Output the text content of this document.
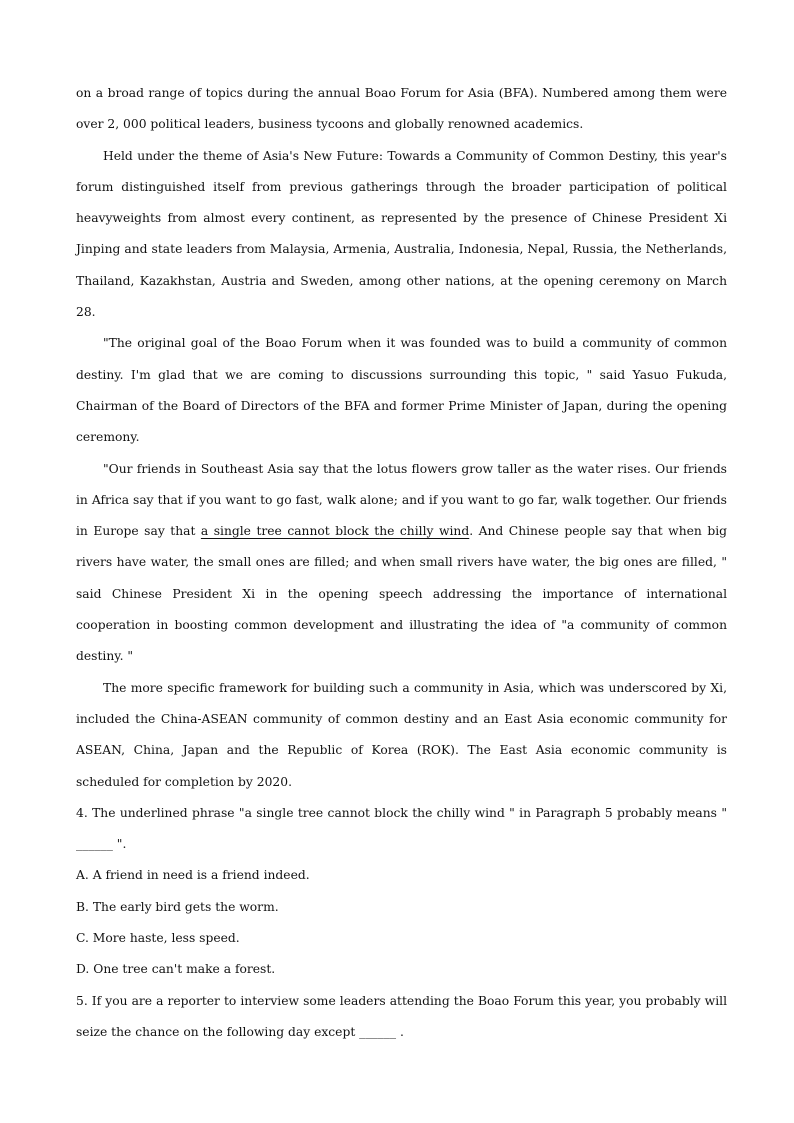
on a broad range of topics during the annual Boao Forum for Asia (BFA). Numbered among them were over 2, 000 political leaders, business tycoons and globally renowned academics.

Held under the theme of Asia's New Future: Towards a Community of Common Destiny, this year's forum distinguished itself from previous gatherings through the broader participation of political heavyweights from almost every continent, as represented by the presence of Chinese President Xi Jinping and state leaders from Malaysia, Armenia, Australia, Indonesia, Nepal, Russia, the Netherlands, Thailand, Kazakhstan, Austria and Sweden, among other nations, at the opening ceremony on March 28.

"The original goal of the Boao Forum when it was founded was to build a community of common destiny. I'm glad that we are coming to discussions surrounding this topic, " said Yasuo Fukuda, Chairman of the Board of Directors of the BFA and former Prime Minister of Japan, during the opening ceremony.

"Our friends in Southeast Asia say that the lotus flowers grow taller as the water rises. Our friends in Africa say that if you want to go fast, walk alone; and if you want to go far, walk together. Our friends in Europe say that a single tree cannot block the chilly wind. And Chinese people say that when big rivers have water, the small ones are filled; and when small rivers have water, the big ones are filled, " said Chinese President Xi in the opening speech addressing the importance of international cooperation in boosting common development and illustrating the idea of "a community of common destiny. "

The more specific framework for building such a community in Asia, which was underscored by Xi, included the China-ASEAN community of common destiny and an East Asia economic community for ASEAN, China, Japan and the Republic of Korea (ROK). The East Asia economic community is scheduled for completion by 2020.

4. The underlined phrase "a single tree cannot block the chilly wind " in Paragraph 5 probably means " ______ ".

A. A friend in need is a friend indeed.

B. The early bird gets the worm.

C. More haste, less speed.

D. One tree can't make a forest.

5. If you are a reporter to interview some leaders attending the Boao Forum this year, you probably will seize the chance on the following day except ______ .
